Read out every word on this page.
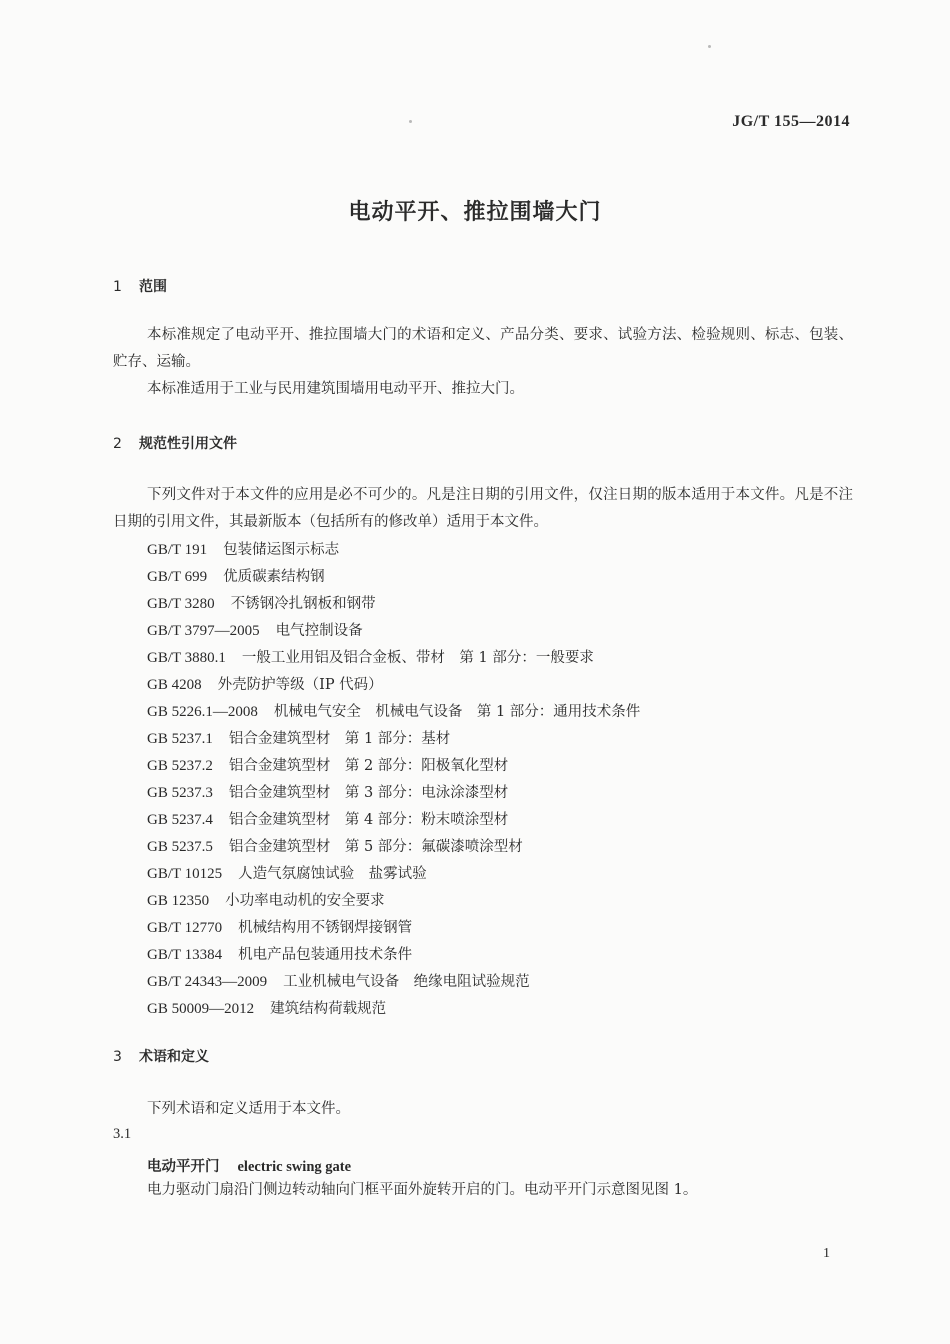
JG/T 155—2014
电动平开、推拉围墙大门
1 范围
本标准规定了电动平开、推拉围墙大门的术语和定义、产品分类、要求、试验方法、检验规则、标志、包装、贮存、运输。
本标准适用于工业与民用建筑围墙用电动平开、推拉大门。
2 规范性引用文件
下列文件对于本文件的应用是必不可少的。凡是注日期的引用文件，仅注日期的版本适用于本文件。凡是不注日期的引用文件，其最新版本（包括所有的修改单）适用于本文件。
GB/T 191 包装储运图示标志
GB/T 699 优质碳素结构钢
GB/T 3280 不锈钢冷扎钢板和钢带
GB/T 3797—2005 电气控制设备
GB/T 3880.1 一般工业用铝及铝合金板、带材　第 1 部分：一般要求
GB 4208 外壳防护等级（IP 代码）
GB 5226.1—2008 机械电气安全　机械电气设备　第 1 部分：通用技术条件
GB 5237.1 铝合金建筑型材　第 1 部分：基材
GB 5237.2 铝合金建筑型材　第 2 部分：阳极氧化型材
GB 5237.3 铝合金建筑型材　第 3 部分：电泳涂漆型材
GB 5237.4 铝合金建筑型材　第 4 部分：粉末喷涂型材
GB 5237.5 铝合金建筑型材　第 5 部分：氟碳漆喷涂型材
GB/T 10125 人造气氛腐蚀试验　盐雾试验
GB 12350 小功率电动机的安全要求
GB/T 12770 机械结构用不锈钢焊接钢管
GB/T 13384 机电产品包装通用技术条件
GB/T 24343—2009 工业机械电气设备　绝缘电阻试验规范
GB 50009—2012 建筑结构荷载规范
3 术语和定义
下列术语和定义适用于本文件。
3.1
电动平开门 electric swing gate
电力驱动门扇沿门侧边转动轴向门框平面外旋转开启的门。电动平开门示意图见图 1。
1
